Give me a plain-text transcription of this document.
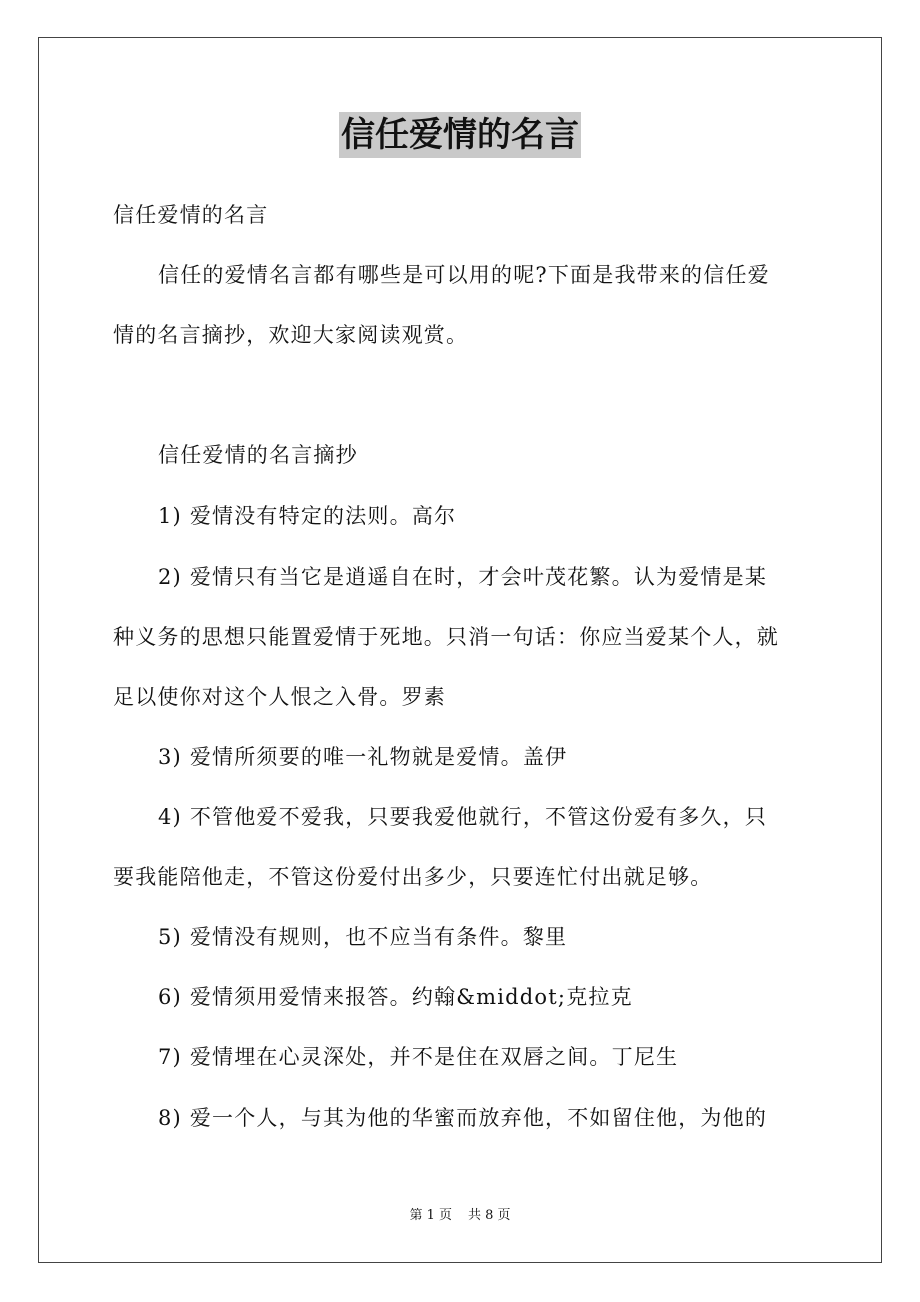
信任爱情的名言
信任爱情的名言
信任的爱情名言都有哪些是可以用的呢?下面是我带来的信任爱
情的名言摘抄，欢迎大家阅读观赏。
信任爱情的名言摘抄
1) 爱情没有特定的法则。高尔
2) 爱情只有当它是逍遥自在时，才会叶茂花繁。认为爱情是某
种义务的思想只能置爱情于死地。只消一句话：你应当爱某个人，就
足以使你对这个人恨之入骨。罗素
3) 爱情所须要的唯一礼物就是爱情。盖伊
4) 不管他爱不爱我，只要我爱他就行，不管这份爱有多久，只
要我能陪他走，不管这份爱付出多少，只要连忙付出就足够。
5) 爱情没有规则，也不应当有条件。黎里
6) 爱情须用爱情来报答。约翰&middot;克拉克
7) 爱情埋在心灵深处，并不是住在双唇之间。丁尼生
8) 爱一个人，与其为他的华蜜而放弃他，不如留住他，为他的
第 1 页 共 8 页
